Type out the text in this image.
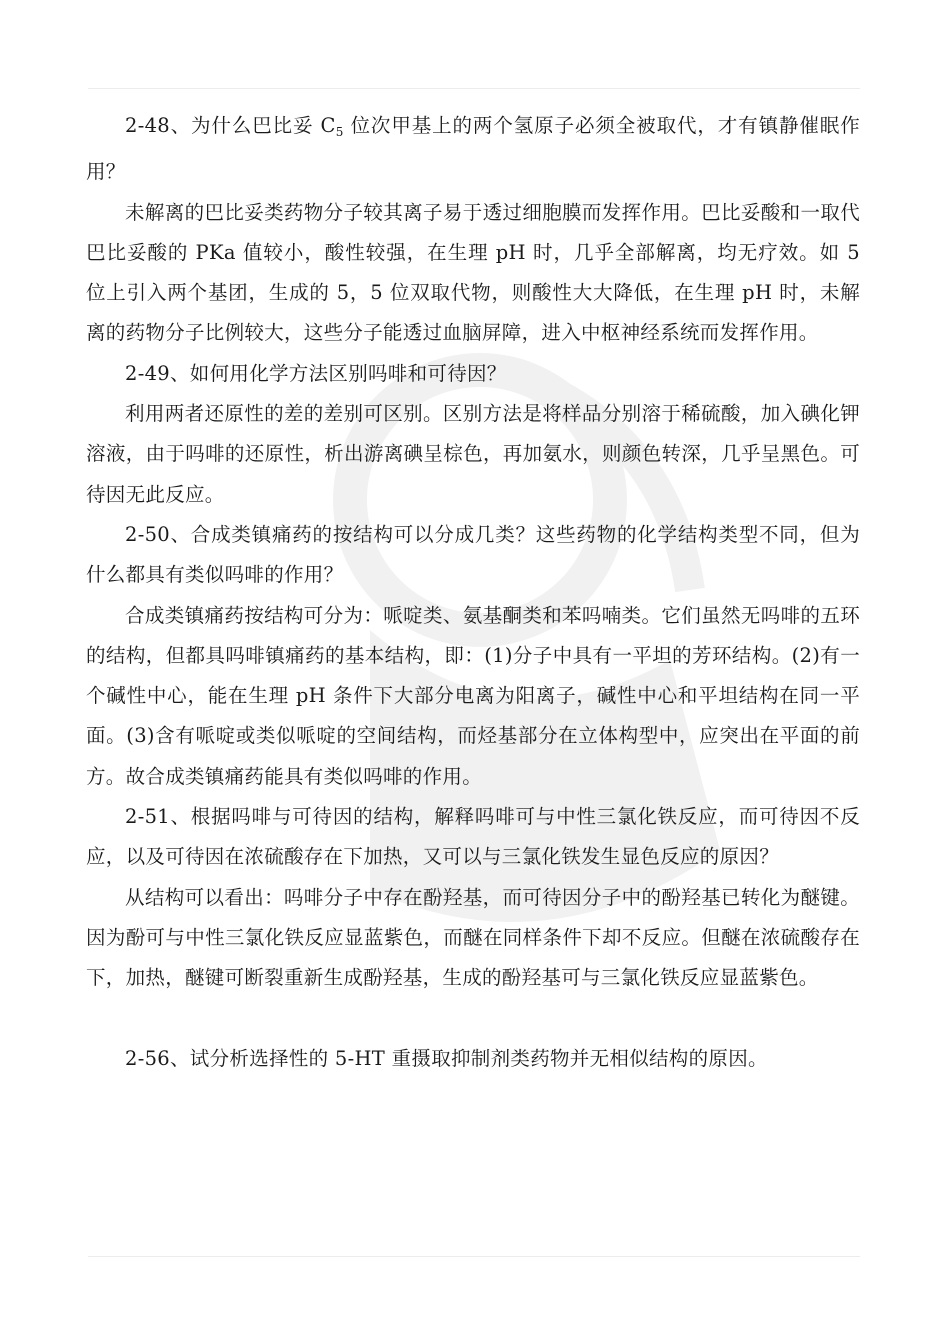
2-48、为什么巴比妥 $C_5$ 位次甲基上的两个氢原子必须全被取代，才有镇静催眠作用？

未解离的巴比妥类药物分子较其离子易于透过细胞膜而发挥作用。巴比妥酸和一取代巴比妥酸的 PKa 值较小，酸性较强，在生理 pH 时，几乎全部解离，均无疗效。如 5 位上引入两个基团，生成的 5，5 位双取代物，则酸性大大降低，在生理 pH 时，未解离的药物分子比例较大，这些分子能透过血脑屏障，进入中枢神经系统而发挥作用。

2-49、如何用化学方法区别吗啡和可待因？

利用两者还原性的差的差别可区别。区别方法是将样品分别溶于稀硫酸，加入碘化钾溶液，由于吗啡的还原性，析出游离碘呈棕色，再加氨水，则颜色转深，几乎呈黑色。可待因无此反应。

2-50、合成类镇痛药的按结构可以分成几类？这些药物的化学结构类型不同，但为什么都具有类似吗啡的作用？

合成类镇痛药按结构可分为：哌啶类、氨基酮类和苯吗喃类。它们虽然无吗啡的五环的结构，但都具吗啡镇痛药的基本结构，即：(1)分子中具有一平坦的芳环结构。(2)有一个碱性中心，能在生理 pH 条件下大部分电离为阳离子，碱性中心和平坦结构在同一平面。(3)含有哌啶或类似哌啶的空间结构，而烃基部分在立体构型中，应突出在平面的前方。故合成类镇痛药能具有类似吗啡的作用。

2-51、根据吗啡与可待因的结构，解释吗啡可与中性三氯化铁反应，而可待因不反应，以及可待因在浓硫酸存在下加热，又可以与三氯化铁发生显色反应的原因？

从结构可以看出：吗啡分子中存在酚羟基，而可待因分子中的酚羟基已转化为醚键。因为酚可与中性三氯化铁反应显蓝紫色，而醚在同样条件下却不反应。但醚在浓硫酸存在下，加热，醚键可断裂重新生成酚羟基，生成的酚羟基可与三氯化铁反应显蓝紫色。

2-56、试分析选择性的 5-HT 重摄取抑制剂类药物并无相似结构的原因。
